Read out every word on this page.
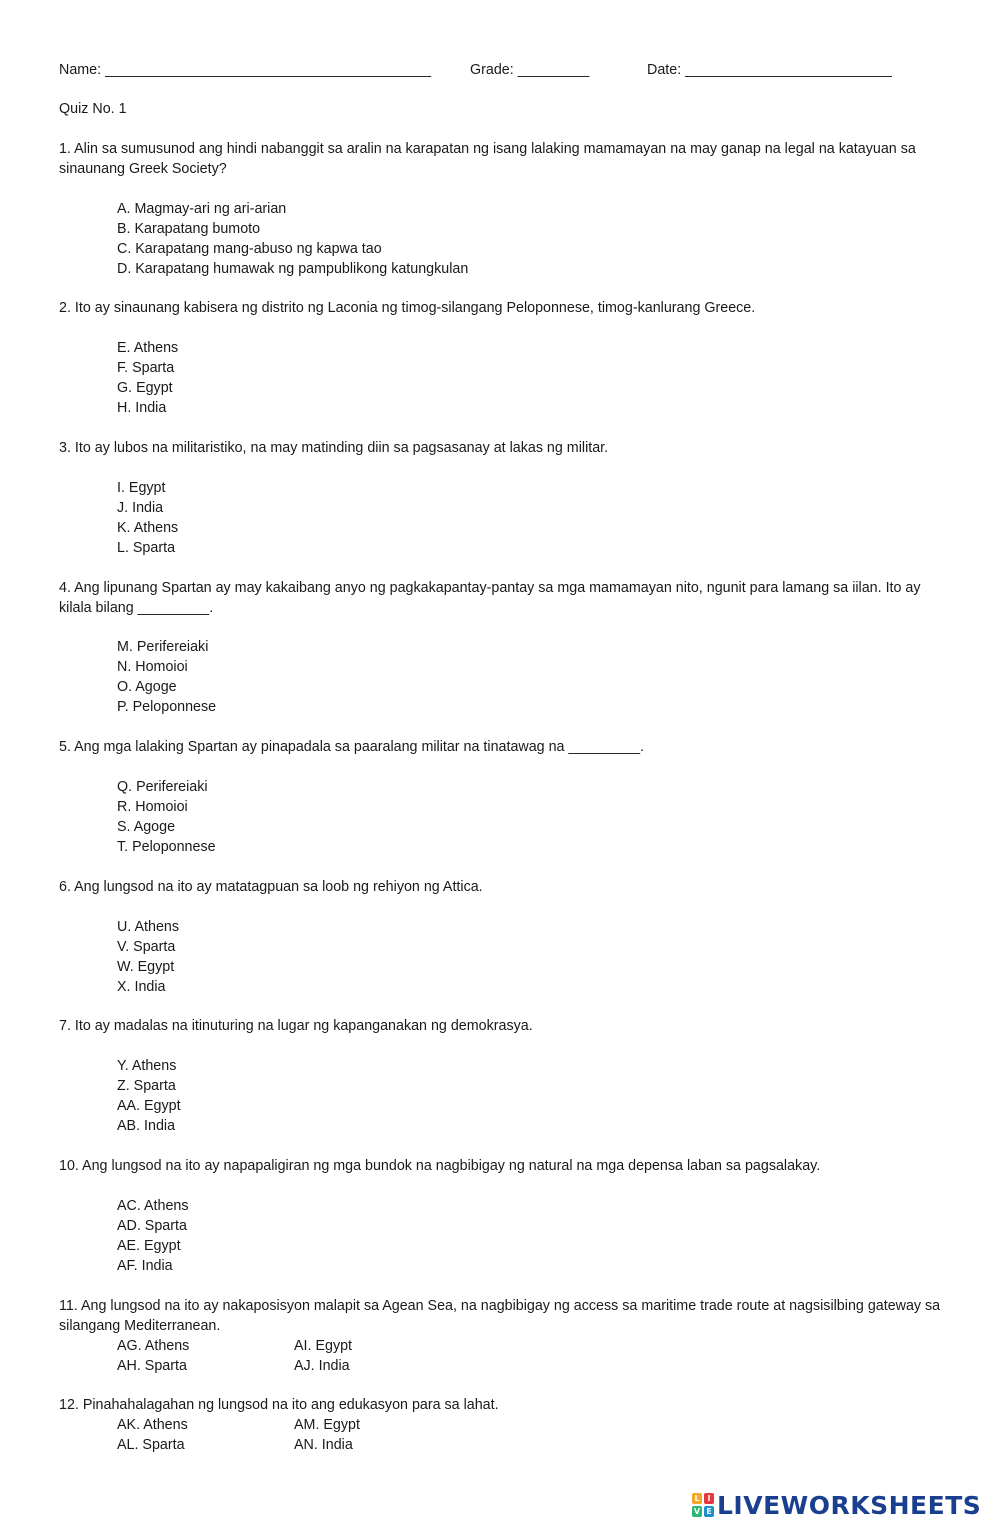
Name: _________________________________________	Grade: _________	Date: __________________________
Quiz No. 1
1. Alin sa sumusunod ang hindi nabanggit sa aralin na karapatan ng isang lalaking mamamayan na may ganap na legal na katayuan sa sinaunang Greek Society?
A. Magmay-ari ng ari-arian
B. Karapatang bumoto
C. Karapatang mang-abuso ng kapwa tao
D. Karapatang humawak ng pampublikong katungkulan
2. Ito ay sinaunang kabisera ng distrito ng Laconia ng timog-silangang Peloponnese, timog-kanlurang Greece.
E. Athens
F. Sparta
G. Egypt
H. India
3. Ito ay lubos na militaristiko, na may matinding diin sa pagsasanay at lakas ng militar.
I. Egypt
J. India
K. Athens
L. Sparta
4. Ang lipunang Spartan ay may kakaibang anyo ng pagkakapantay-pantay sa mga mamamayan nito, ngunit para lamang sa iilan. Ito ay kilala bilang _________.
M. Perifereiaki
N. Homoioi
O. Agoge
P. Peloponnese
5. Ang mga lalaking Spartan ay pinapadala sa paaralang militar na tinatawag na _________.
Q. Perifereiaki
R. Homoioi
S. Agoge
T. Peloponnese
6. Ang lungsod na ito ay matatagpuan sa loob ng rehiyon ng Attica.
U. Athens
V. Sparta
W. Egypt
X. India
7. Ito ay madalas na itinuturing na lugar ng kapanganakan ng demokrasya.
Y. Athens
Z. Sparta
AA. Egypt
AB. India
10. Ang lungsod na ito ay napapaligiran ng mga bundok na nagbibigay ng natural na mga depensa laban sa pagsalakay.
AC. Athens
AD. Sparta
AE. Egypt
AF. India
11. Ang lungsod na ito ay nakaposisyon malapit sa Agean Sea, na nagbibigay ng access sa maritime trade route at nagsisilbing gateway sa silangang Mediterranean.
AG. Athens	AI. Egypt
AH. Sparta	AJ. India
12. Pinahahalagahan ng lungsod na ito ang edukasyon para sa lahat.
AK. Athens	AM. Egypt
AL. Sparta	AN. India
L I
V E LIVEWORKSHEETS
